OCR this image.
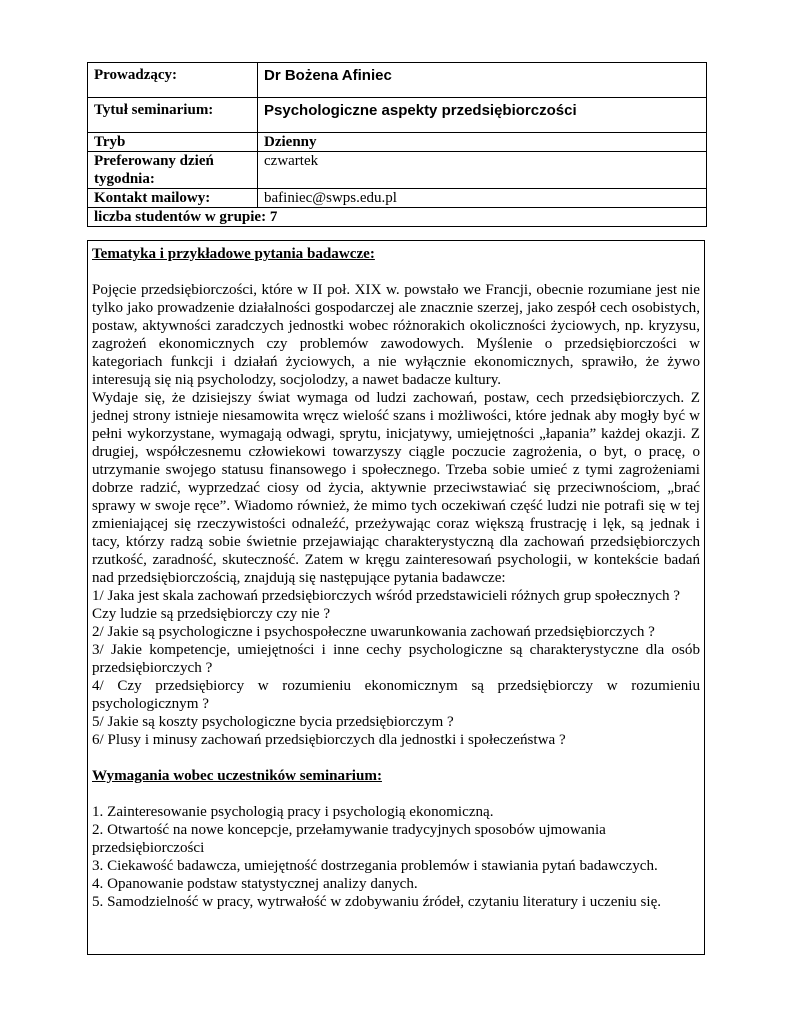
Prowadzący:	Dr Bożena Afiniec
Tytuł seminarium:	Psychologiczne aspekty przedsiębiorczości
Tryb	Dzienny
Preferowany dzień tygodnia:	czwartek
Kontakt mailowy:	bafiniec@swps.edu.pl
liczba studentów w grupie: 7	

Tematyka i przykładowe pytania badawcze:

Pojęcie przedsiębiorczości, które w II poł. XIX w. powstało we Francji, obecnie rozumiane jest nie tylko jako prowadzenie działalności gospodarczej ale znacznie szerzej, jako zespół cech osobistych, postaw, aktywności zaradczych jednostki wobec różnorakich okoliczności życiowych, np. kryzysu, zagrożeń ekonomicznych czy problemów zawodowych. Myślenie o przedsiębiorczości w kategoriach funkcji i działań życiowych, a nie wyłącznie ekonomicznych, sprawiło, że żywo interesują się nią psycholodzy, socjolodzy, a nawet badacze kultury.

Wydaje się, że dzisiejszy świat wymaga od ludzi zachowań, postaw, cech przedsiębiorczych. Z jednej strony istnieje niesamowita wręcz wielość szans i możliwości, które jednak aby mogły być w pełni wykorzystane, wymagają odwagi, sprytu, inicjatywy, umiejętności „łapania” każdej okazji. Z drugiej, współczesnemu człowiekowi towarzyszy ciągle poczucie zagrożenia, o byt, o pracę, o utrzymanie swojego statusu finansowego i społecznego. Trzeba sobie umieć z tymi zagrożeniami dobrze radzić, wyprzedzać ciosy od życia, aktywnie przeciwstawiać się przeciwnościom, „brać sprawy w swoje ręce”. Wiadomo również, że mimo tych oczekiwań część ludzi nie potrafi się w tej zmieniającej się rzeczywistości odnaleźć, przeżywając coraz większą frustrację i lęk, są jednak i tacy, którzy radzą sobie świetnie przejawiając charakterystyczną dla zachowań przedsiębiorczych rzutkość, zaradność, skuteczność. Zatem w kręgu zainteresowań psychologii, w kontekście badań nad przedsiębiorczością, znajdują się następujące pytania badawcze:

1/ Jaka jest skala zachowań przedsiębiorczych wśród przedstawicieli różnych grup społecznych ?

Czy ludzie są przedsiębiorczy czy nie ?

2/ Jakie są psychologiczne i psychospołeczne uwarunkowania zachowań przedsiębiorczych ?

3/ Jakie kompetencje, umiejętności i inne cechy psychologiczne są charakterystyczne dla osób

przedsiębiorczych ?

4/ Czy przedsiębiorcy w rozumieniu ekonomicznym są przedsiębiorczy w rozumieniu

psychologicznym ?

5/ Jakie są koszty psychologiczne bycia przedsiębiorczym ?

6/ Plusy i minusy zachowań przedsiębiorczych dla jednostki i społeczeństwa ?

Wymagania wobec uczestników seminarium:

1. Zainteresowanie psychologią pracy i psychologią ekonomiczną.

2. Otwartość na nowe koncepcje, przełamywanie tradycyjnych sposobów ujmowania

przedsiębiorczości

3. Ciekawość badawcza, umiejętność dostrzegania problemów i stawiania pytań badawczych.

4. Opanowanie podstaw statystycznej analizy danych.

5. Samodzielność w pracy, wytrwałość w zdobywaniu źródeł, czytaniu literatury i uczeniu się.
